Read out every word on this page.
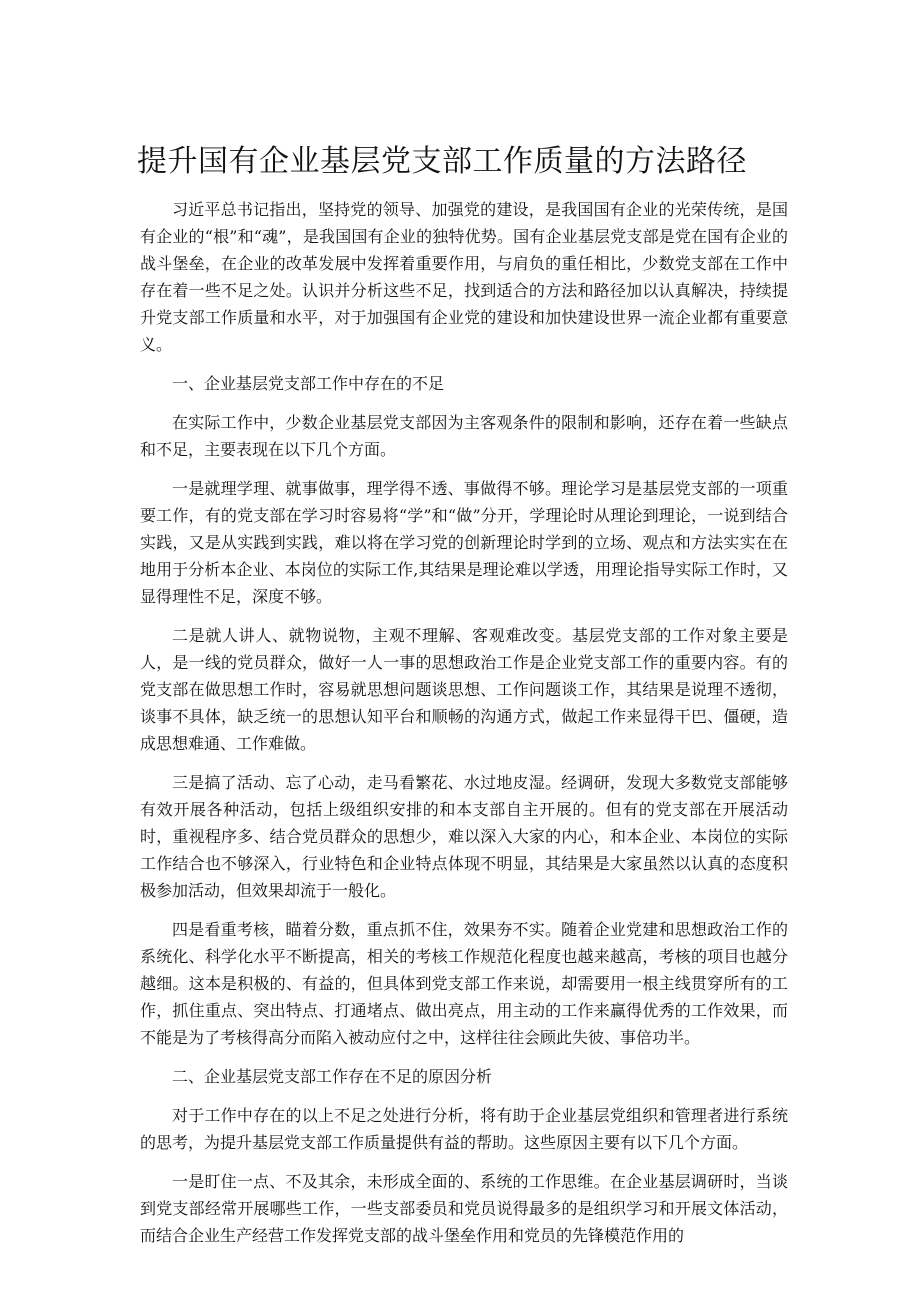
提升国有企业基层党支部工作质量的方法路径

习近平总书记指出，坚持党的领导、加强党的建设，是我国国有企业的光荣传统，是国有企业的“根”和“魂”，是我国国有企业的独特优势。国有企业基层党支部是党在国有企业的战斗堡垒，在企业的改革发展中发挥着重要作用，与肩负的重任相比，少数党支部在工作中存在着一些不足之处。认识并分析这些不足，找到适合的方法和路径加以认真解决，持续提升党支部工作质量和水平，对于加强国有企业党的建设和加快建设世界一流企业都有重要意义。

一、企业基层党支部工作中存在的不足

在实际工作中，少数企业基层党支部因为主客观条件的限制和影响，还存在着一些缺点和不足，主要表现在以下几个方面。

一是就理学理、就事做事，理学得不透、事做得不够。理论学习是基层党支部的一项重要工作，有的党支部在学习时容易将“学”和“做”分开，学理论时从理论到理论，一说到结合实践，又是从实践到实践，难以将在学习党的创新理论时学到的立场、观点和方法实实在在地用于分析本企业、本岗位的实际工作,其结果是理论难以学透，用理论指导实际工作时，又显得理性不足，深度不够。

二是就人讲人、就物说物，主观不理解、客观难改变。基层党支部的工作对象主要是人，是一线的党员群众，做好一人一事的思想政治工作是企业党支部工作的重要内容。有的党支部在做思想工作时，容易就思想问题谈思想、工作问题谈工作，其结果是说理不透彻，谈事不具体，缺乏统一的思想认知平台和顺畅的沟通方式，做起工作来显得干巴、僵硬，造成思想难通、工作难做。

三是搞了活动、忘了心动，走马看繁花、水过地皮湿。经调研，发现大多数党支部能够有效开展各种活动，包括上级组织安排的和本支部自主开展的。但有的党支部在开展活动时，重视程序多、结合党员群众的思想少，难以深入大家的内心，和本企业、本岗位的实际工作结合也不够深入，行业特色和企业特点体现不明显，其结果是大家虽然以认真的态度积极参加活动，但效果却流于一般化。

四是看重考核，瞄着分数，重点抓不住，效果夯不实。随着企业党建和思想政治工作的系统化、科学化水平不断提高，相关的考核工作规范化程度也越来越高，考核的项目也越分越细。这本是积极的、有益的，但具体到党支部工作来说，却需要用一根主线贯穿所有的工作，抓住重点、突出特点、打通堵点、做出亮点，用主动的工作来赢得优秀的工作效果，而不能是为了考核得高分而陷入被动应付之中，这样往往会顾此失彼、事倍功半。

二、企业基层党支部工作存在不足的原因分析

对于工作中存在的以上不足之处进行分析，将有助于企业基层党组织和管理者进行系统的思考，为提升基层党支部工作质量提供有益的帮助。这些原因主要有以下几个方面。

一是盯住一点、不及其余，未形成全面的、系统的工作思维。在企业基层调研时，当谈到党支部经常开展哪些工作，一些支部委员和党员说得最多的是组织学习和开展文体活动，而结合企业生产经营工作发挥党支部的战斗堡垒作用和党员的先锋模范作用的
